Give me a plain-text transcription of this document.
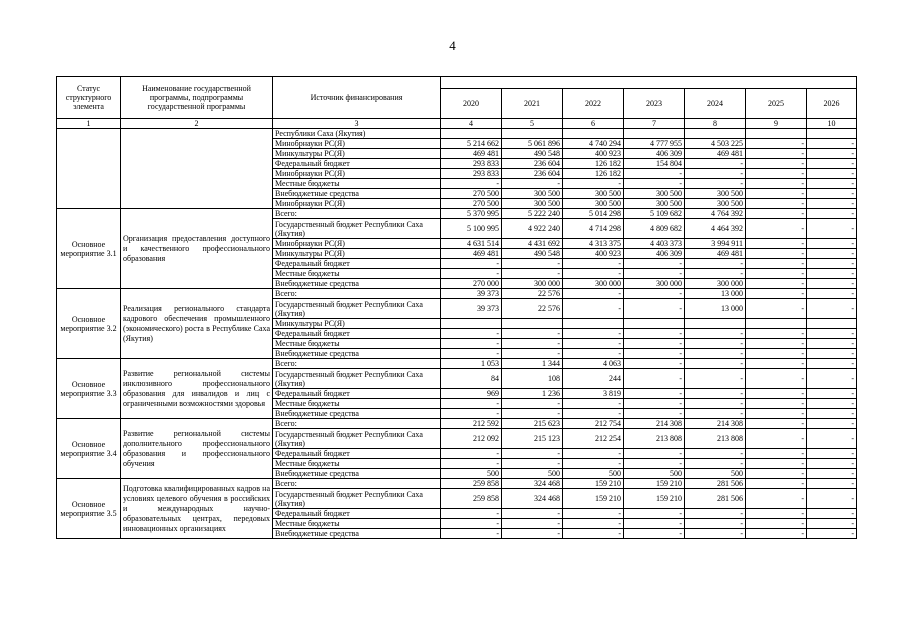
4
Статус структурного элемента	Наименование государственной программы, подпрограммы государственной программы	Источник финансирования							
			2020	2021	2022	2023	2024	2025	2026
1	2	3	4	5	6	7	8	9	10
		Республики Саха (Якутия)							
		Минобрнауки РС(Я)	5 214 662	5 061 896	4 740 294	4 777 955	4 503 225	-	-
		Минкультуры РС(Я)	469 481	490 548	400 923	406 309	469 481	-	-
		Федеральный бюджет	293 833	236 604	126 182	154 804	-	-	-
		Минобрнауки РС(Я)	293 833	236 604	126 182	-	-	-	-
		Местные бюджеты	-	-	-	-	-	-	-
		Внебюджетные средства	270 500	300 500	300 500	300 500	300 500	-	-
		Минобрнауки РС(Я)	270 500	300 500	300 500	300 500	300 500	-	-
Основное мероприятие 3.1	Организация предоставления доступного и качественного профессионального образования	Всего:	5 370 995	5 222 240	5 014 298	5 109 682	4 764 392	-	-
		Государственный бюджет Республики Саха (Якутия)	5 100 995	4 922 240	4 714 298	4 809 682	4 464 392	-	-
		Минобрнауки РС(Я)	4 631 514	4 431 692	4 313 375	4 403 373	3 994 911	-	-
		Минкультуры РС(Я)	469 481	490 548	400 923	406 309	469 481	-	-
		Федеральный бюджет	-	-	-	-	-	-	-
		Местные бюджеты	-	-	-	-	-	-	-
		Внебюджетные средства	270 000	300 000	300 000	300 000	300 000	-	-
Основное мероприятие 3.2	Реализация регионального стандарта кадрового обеспечения промышленного (экономического) роста в Республике Саха (Якутия)	Всего:	39 373	22 576	-	-	13 000	-	-
		Государственный бюджет Республики Саха (Якутия)	39 373	22 576	-	-	13 000	-	-
		Минкультуры РС(Я)							
		Федеральный бюджет	-	-	-	-	-	-	-
		Местные бюджеты	-	-	-	-	-	-	-
		Внебюджетные средства	-	-	-	-	-	-	-
Основное мероприятие 3.3	Развитие региональной системы инклюзивного профессионального образования для инвалидов и лиц с ограниченными возможностями здоровья	Всего:	1 053	1 344	4 063	-	-	-	-
		Государственный бюджет Республики Саха (Якутия)	84	108	244	-	-	-	-
		Федеральный бюджет	969	1 236	3 819	-	-	-	-
		Местные бюджеты	-	-	-	-	-	-	-
		Внебюджетные средства	-	-	-	-	-	-	-
Основное мероприятие 3.4	Развитие региональной системы дополнительного профессионального образования и профессионального обучения	Всего:	212 592	215 623	212 754	214 308	214 308	-	-
		Государственный бюджет Республики Саха (Якутия)	212 092	215 123	212 254	213 808	213 808	-	-
		Федеральный бюджет	-	-	-	-	-	-	-
		Местные бюджеты	-	-	-	-	-	-	-
		Внебюджетные средства	500	500	500	500	500	-	-
Основное мероприятие 3.5	Подготовка квалифицированных кадров на условиях целевого обучения в российских и международных научно-образовательных центрах, передовых инновационных организациях	Всего:	259 858	324 468	159 210	159 210	281 506	-	-
		Государственный бюджет Республики Саха (Якутия)	259 858	324 468	159 210	159 210	281 506	-	-
		Федеральный бюджет	-	-	-	-	-	-	-
		Местные бюджеты	-	-	-	-	-	-	-
		Внебюджетные средства	-	-	-	-	-	-	-
